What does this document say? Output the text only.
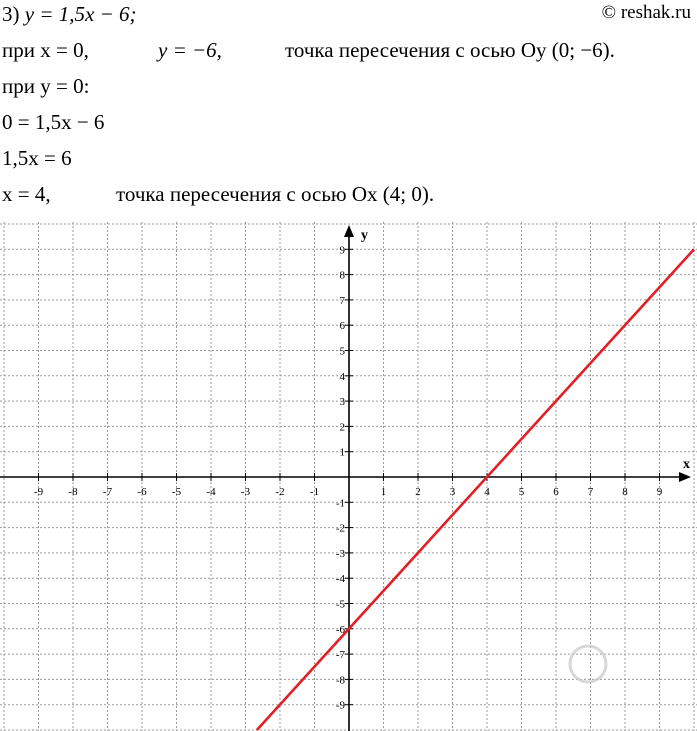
© reshak.ru
3) y = 1,5x − 6;
при x = 0,	y = −6,	точка пересечения с осью Oy (0; −6).
при y = 0:
0 = 1,5x − 6
1,5x = 6
x = 4,	точка пересечения с осью Ox (4; 0).
x
y
-9 -8 -7 -6 -5 -4 -3 -2 -1	1	2	3	4	5	6	7	8	9
-9
-8
-7
-6
-5
-4
-3
-2
-1
1
2
3
4
5
6
7
8
9
